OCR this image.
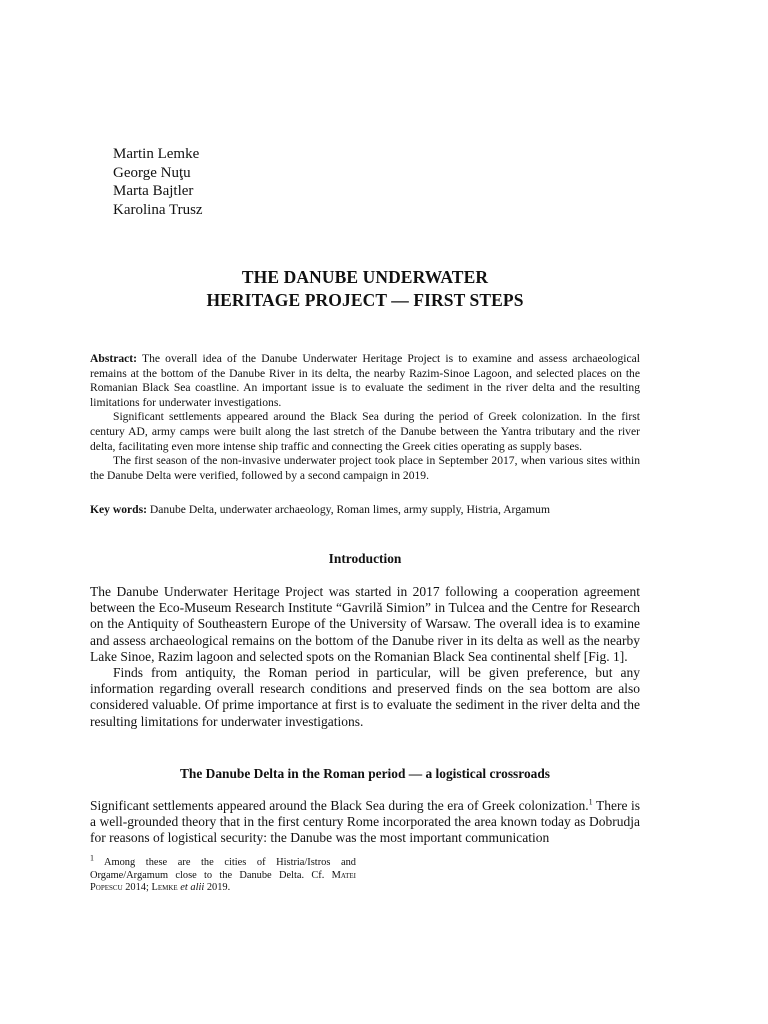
Martin Lemke
George Nuţu
Marta Bajtler
Karolina Trusz
THE DANUBE UNDERWATER
HERITAGE PROJECT — FIRST STEPS

Abstract: The overall idea of the Danube Underwater Heritage Project is to examine and assess archaeological remains at the bottom of the Danube River in its delta, the nearby Razim-Sinoe Lagoon, and selected places on the Romanian Black Sea coastline. An important issue is to evaluate the sediment in the river delta and the resulting limitations for underwater investigations.

Significant settlements appeared around the Black Sea during the period of Greek colonization. In the first century AD, army camps were built along the last stretch of the Danube between the Yantra tributary and the river delta, facilitating even more intense ship traffic and connecting the Greek cities operating as supply bases.

The first season of the non-invasive underwater project took place in September 2017, when various sites within the Danube Delta were verified, followed by a second campaign in 2019.

Key words: Danube Delta, underwater archaeology, Roman limes, army supply, Histria, Argamum
Introduction

The Danube Underwater Heritage Project was started in 2017 following a cooperation agreement between the Eco-Museum Research Institute “Gavrilă Simion” in Tulcea and the Centre for Research on the Antiquity of Southeastern Europe of the University of Warsaw. The overall idea is to examine and assess archaeological remains on the bottom of the Danube river in its delta as well as the nearby Lake Sinoe, Razim lagoon and selected spots on the Romanian Black Sea continental shelf [Fig. 1].

Finds from antiquity, the Roman period in particular, will be given preference, but any information regarding overall research conditions and preserved finds on the sea bottom are also considered valuable. Of prime importance at first is to evaluate the sediment in the river delta and the resulting limitations for underwater investigations.

The Danube Delta in the Roman period — a logistical crossroads

Significant settlements appeared around the Black Sea during the era of Greek colonization.$^1$ There is a well-grounded theory that in the first century Rome incorporated the area known today as Dobrudja for reasons of logistical security: the Danube was the most important communication

$^1$ Among these are the cities of Histria/Istros and Orgame/Argamum close to the Danube Delta. Cf. Matei Popescu 2014; Lemke et alii 2019.
